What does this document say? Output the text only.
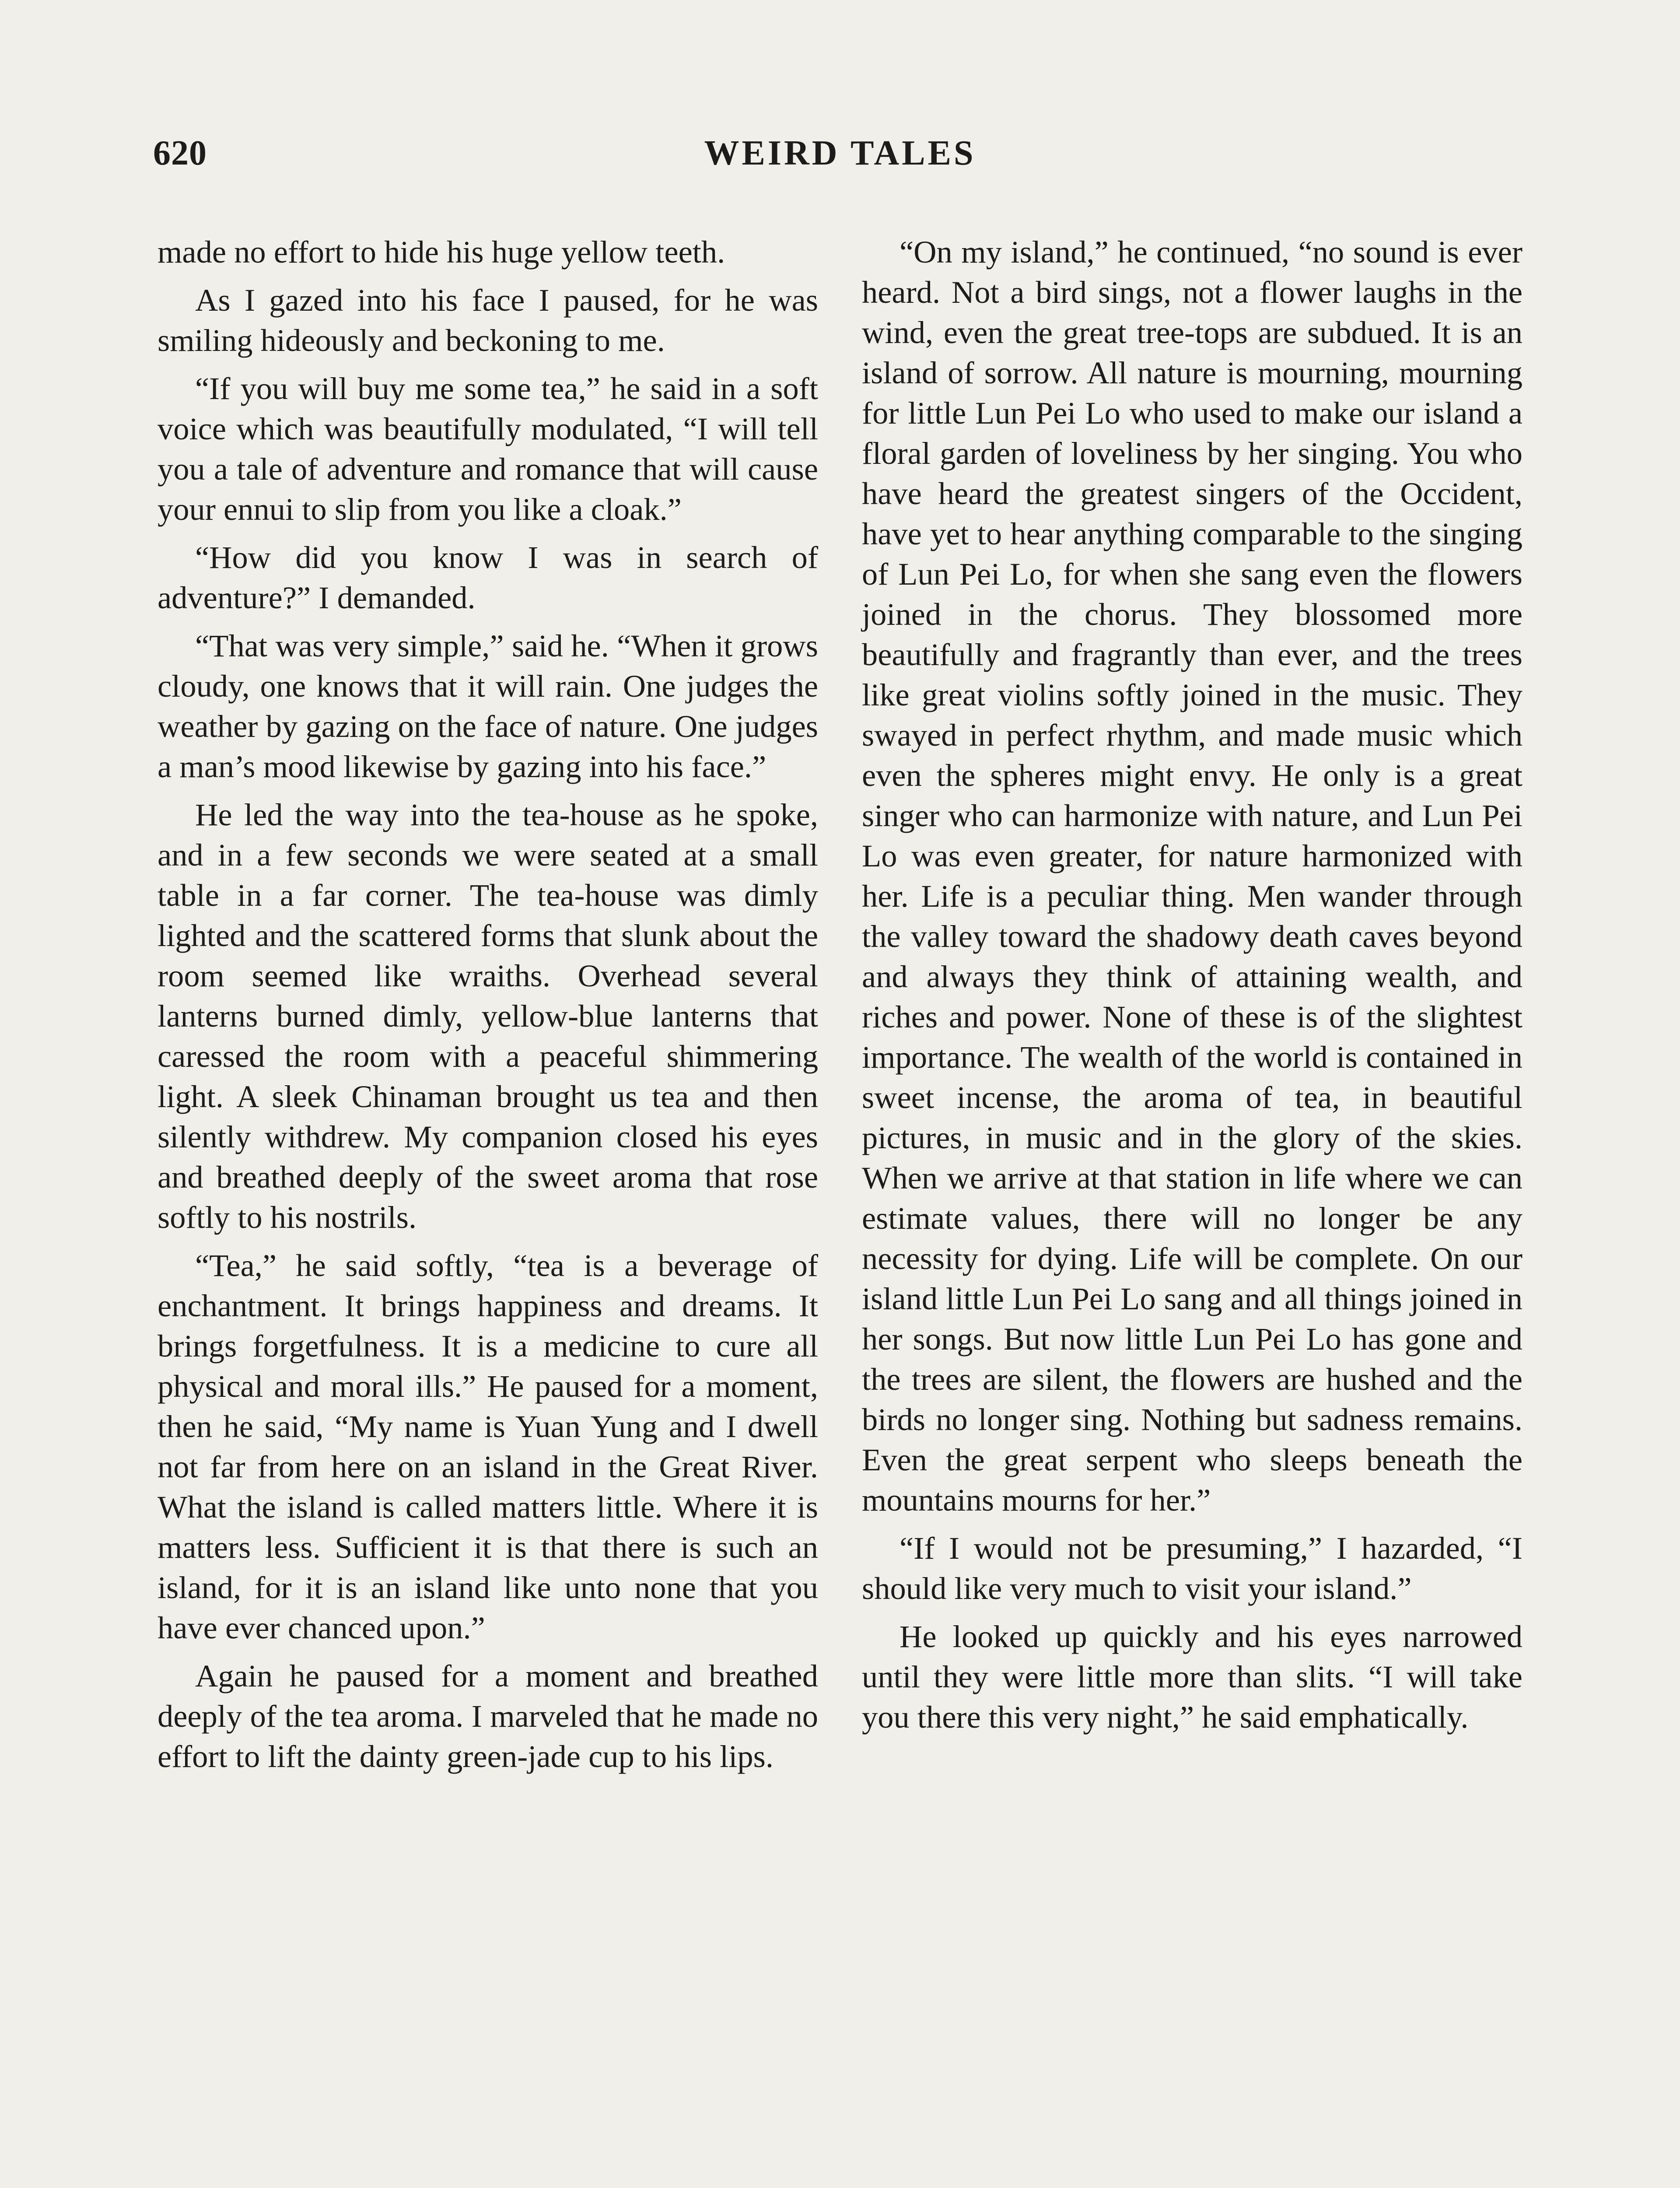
620	WEIRD TALES

made no effort to hide his huge yellow teeth.

As I gazed into his face I paused, for he was smiling hideously and beckoning to me.

“If you will buy me some tea,” he said in a soft voice which was beautifully modulated, “I will tell you a tale of adventure and romance that will cause your ennui to slip from you like a cloak.”

“How did you know I was in search of adventure?” I demanded.

“That was very simple,” said he. “When it grows cloudy, one knows that it will rain. One judges the weather by gazing on the face of nature. One judges a man’s mood likewise by gazing into his face.”

He led the way into the tea-house as he spoke, and in a few seconds we were seated at a small table in a far corner. The tea-house was dimly lighted and the scattered forms that slunk about the room seemed like wraiths. Overhead several lanterns burned dimly, yellow-blue lanterns that caressed the room with a peaceful shimmering light. A sleek Chinaman brought us tea and then silently withdrew. My companion closed his eyes and breathed deeply of the sweet aroma that rose softly to his nostrils.

“Tea,” he said softly, “tea is a beverage of enchantment. It brings happiness and dreams. It brings forgetfulness. It is a medicine to cure all physical and moral ills.” He paused for a moment, then he said, “My name is Yuan Yung and I dwell not far from here on an island in the Great River. What the island is called matters little. Where it is matters less. Sufficient it is that there is such an island, for it is an island like unto none that you have ever chanced upon.”

Again he paused for a moment and breathed deeply of the tea aroma. I marveled that he made no effort to lift the dainty green-jade cup to his lips.

“On my island,” he continued, “no sound is ever heard. Not a bird sings, not a flower laughs in the wind, even the great tree-tops are subdued. It is an island of sorrow. All nature is mourning, mourning for little Lun Pei Lo who used to make our island a floral garden of loveliness by her singing. You who have heard the greatest singers of the Occident, have yet to hear anything comparable to the singing of Lun Pei Lo, for when she sang even the flowers joined in the chorus. They blossomed more beautifully and fragrantly than ever, and the trees like great violins softly joined in the music. They swayed in perfect rhythm, and made music which even the spheres might envy. He only is a great singer who can harmonize with nature, and Lun Pei Lo was even greater, for nature harmonized with her. Life is a peculiar thing. Men wander through the valley toward the shadowy death caves beyond and always they think of attaining wealth, and riches and power. None of these is of the slightest importance. The wealth of the world is contained in sweet incense, the aroma of tea, in beautiful pictures, in music and in the glory of the skies. When we arrive at that station in life where we can estimate values, there will no longer be any necessity for dying. Life will be complete. On our island little Lun Pei Lo sang and all things joined in her songs. But now little Lun Pei Lo has gone and the trees are silent, the flowers are hushed and the birds no longer sing. Nothing but sadness remains. Even the great serpent who sleeps beneath the mountains mourns for her.”

“If I would not be presuming,” I hazarded, “I should like very much to visit your island.”

He looked up quickly and his eyes narrowed until they were little more than slits. “I will take you there this very night,” he said emphatically.
